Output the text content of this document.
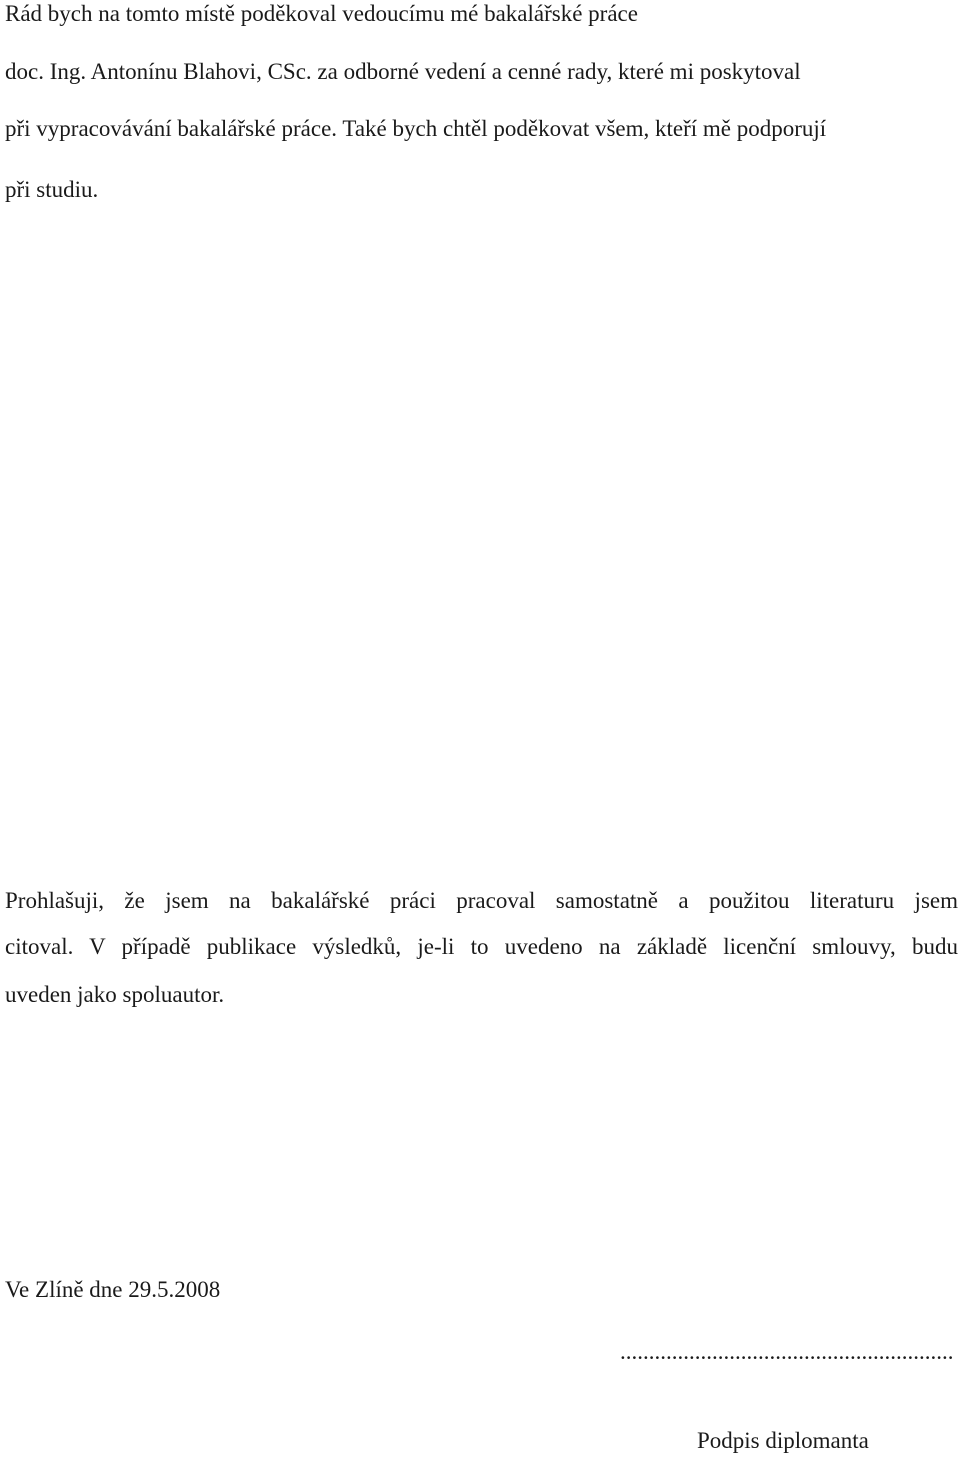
Rád bych na tomto místě poděkoval vedoucímu mé bakalářské práce

doc. Ing. Antonínu Blahovi, CSc. za odborné vedení a cenné rady, které mi poskytoval

při vypracovávání bakalářské práce. Také bych chtěl poděkovat všem, kteří mě podporují

při studiu.

Prohlašuji, že jsem na bakalářské práci pracoval samostatně a použitou literaturu jsem

citoval. V případě publikace výsledků, je-li to uvedeno na základě licenční smlouvy, budu

uveden jako spoluautor.

Ve Zlíně dne 29.5.2008

..........................................................

Podpis diplomanta
